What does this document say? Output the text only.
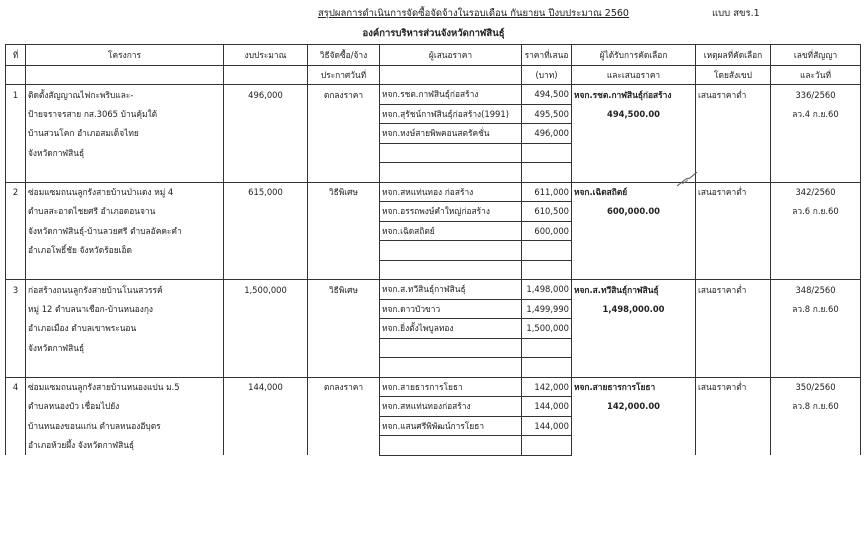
สรุปผลการดำเนินการจัดซื้อจัดจ้างในรอบเดือน กันยายน ปีงบประมาณ 2560	แบบ สขร.1
องค์การบริหารส่วนจังหวัดกาฬสินธุ์
ที่	โครงการ	งบประมาณ	วิธีจัดซื้อ/จ้าง	ผู้เสนอราคา	ราคาที่เสนอ	ผู้ได้รับการคัดเลือก	เหตุผลที่คัดเลือก	เลขที่สัญญา
			ประกาศวันที่		(บาท)	และเสนอราคา	โดยสังเขป	และวันที่
1	ติดตั้งสัญญาณไฟกะพริบและ-	496,000	ตกลงราคา	หจก.รชต.กาฬสินธุ์ก่อสร้าง	494,500	หจก.รชต.กาฬสินธุ์ก่อสร้าง	เสนอราคาต่ำ	336/2560
	ป้ายจราจรสาย กส.3065 บ้านคุ้มใต้			หจก.สุรัชน์กาฬสินธุ์ก่อสร้าง(1991)	495,500	494,500.00		ลว.4 ก.ย.60
	บ้านสวนโคก อำเภอสมเด็จไทย			หจก.หงษ์สายพิพคอนสตรัคชั่น	496,000			
	จังหวัดกาฬสินธุ์							

2	ซ่อมแซมถนนลูกรังสายบ้านป่าแดง หมู่ 4	615,000	วิธีพิเศษ	หจก.สหแท่นทอง ก่อสร้าง	611,000	หจก.เฉิดสถิตย์	เสนอราคาต่ำ	342/2560
	ตำบลสะอาดไชยศรี อำเภอดอนจาน			หจก.อรรถพงษ์คำใหญ่ก่อสร้าง	610,500	600,000.00		ลว.6 ก.ย.60
	จังหวัดกาฬสินธุ์-บ้านลวยศรี ตำบลอัคคะคำ			หจก.เฉิดสถิตย์	600,000			
	อำเภอโพธิ์ชัย จังหวัดร้อยเอ็ด							

3	ก่อสร้างถนนลูกรังสายบ้านโนนสวรรค์	1,500,000	วิธีพิเศษ	หจก.ส.ทวีสินธุ์กาฬสินธุ์	1,498,000	หจก.ส.ทวีสินธุ์กาฬสินธุ์	เสนอราคาต่ำ	348/2560
	หมู่ 12 ตำบลนาเชือก-บ้านหนองกุง			หจก.ดาวบัวขาว	1,499,990	1,498,000.00		ลว.8 ก.ย.60
	อำเภอเมือง ตำบลเขาพระนอน			หจก.ยิ่งตั้งไพบูลทอง	1,500,000			
	จังหวัดกาฬสินธุ์							

4	ซ่อมแซมถนนลูกรังสายบ้านหนองแปน ม.5	144,000	ตกลงราคา	หจก.สายธารการโยธา	142,000	หจก.สายธารการโยธา	เสนอราคาต่ำ	350/2560
	ตำบลหนองบัว เชื่อมไปยัง			หจก.สหแท่นทองก่อสร้าง	144,000	142,000.00		ลว.8 ก.ย.60
	บ้านหนองขอนแก่น ตำบลหนองอีบุตร			หจก.แสนศรีพิพัฒน์การโยธา	144,000			
	อำเภอห้วยผึ้ง จังหวัดกาฬสินธุ์							
